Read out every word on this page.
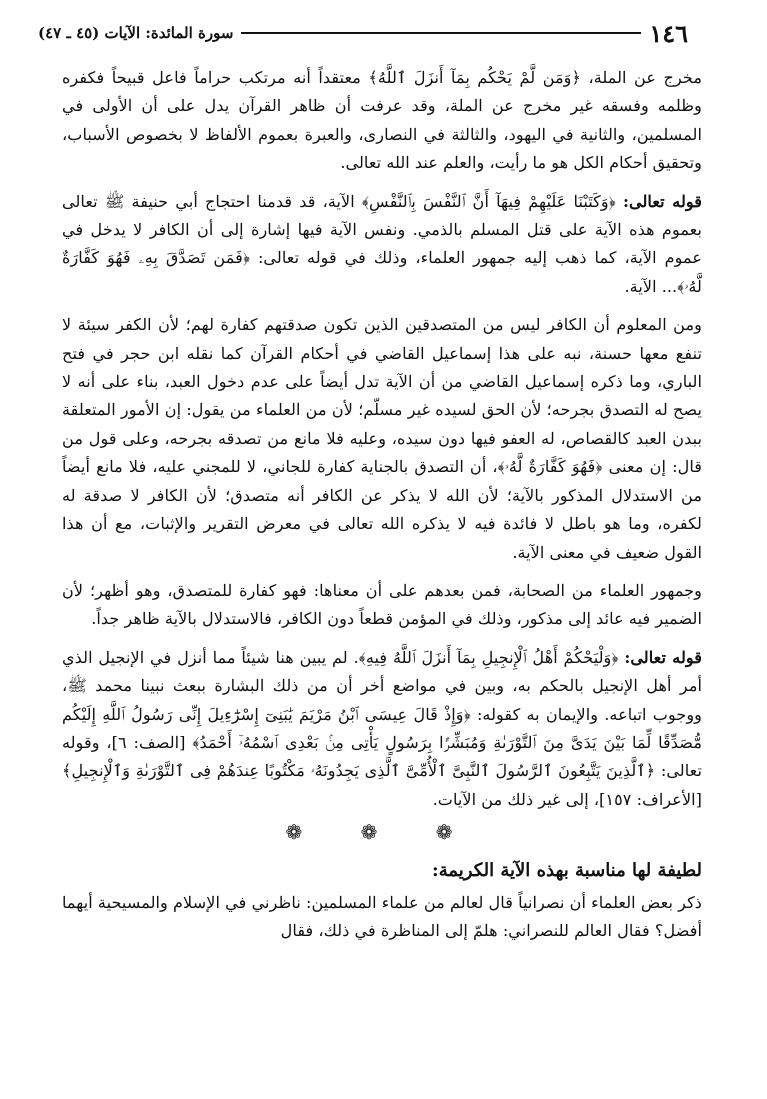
١٤٦
سورة المائدة: الآيات (٤٥ ـ ٤٧)

مخرج عن الملة، ﴿وَمَن لَّمْ يَحْكُم بِمَآ أَنزَلَ ٱللَّهُ﴾ معتقداً أنه مرتكب حراماً فاعل قبيحاً فكفره وظلمه وفسقه غير مخرج عن الملة، وقد عرفت أن ظاهر القرآن يدل على أن الأولى في المسلمين، والثانية في اليهود، والثالثة في النصارى، والعبرة بعموم الألفاظ لا بخصوص الأسباب، وتحقيق أحكام الكل هو ما رأيت، والعلم عند الله تعالى.

قوله تعالى: ﴿وَكَتَبْنَا عَلَيْهِمْ فِيهَآ أَنَّ ٱلنَّفْسَ بِٱلنَّفْسِ﴾ الآية، قد قدمنا احتجاج أبي حنيفة ﷺ تعالى بعموم هذه الآية على قتل المسلم بالذمي. ونفس الآية فيها إشارة إلى أن الكافر لا يدخل في عموم الآية، كما ذهب إليه جمهور العلماء، وذلك في قوله تعالى: ﴿فَمَن تَصَدَّقَ بِهِۦ فَهُوَ كَفَّارَةٌ لَّهُۥ﴾... الآية.

ومن المعلوم أن الكافر ليس من المتصدقين الذين تكون صدقتهم كفارة لهم؛ لأن الكفر سيئة لا تنفع معها حسنة، نبه على هذا إسماعيل القاضي في أحكام القرآن كما نقله ابن حجر في فتح الباري، وما ذكره إسماعيل القاضي من أن الآية تدل أيضاً على عدم دخول العبد، بناء على أنه لا يصح له التصدق بجرحه؛ لأن الحق لسيده غير مسلّم؛ لأن من العلماء من يقول: إن الأمور المتعلقة ببدن العبد كالقصاص، له العفو فيها دون سيده، وعليه فلا مانع من تصدقه بجرحه، وعلى قول من قال: إن معنى ﴿فَهُوَ كَفَّارَةٌ لَّهُۥ﴾، أن التصدق بالجناية كفارة للجاني، لا للمجني عليه، فلا مانع أيضاً من الاستدلال المذكور بالآية؛ لأن الله لا يذكر عن الكافر أنه متصدق؛ لأن الكافر لا صدقة له لكفره، وما هو باطل لا فائدة فيه لا يذكره الله تعالى في معرض التقرير والإثبات، مع أن هذا القول ضعيف في معنى الآية.

وجمهور العلماء من الصحابة، فمن بعدهم على أن معناها: فهو كفارة للمتصدق، وهو أظهر؛ لأن الضمير فيه عائد إلى مذكور، وذلك في المؤمن قطعاً دون الكافر، فالاستدلال بالآية ظاهر جداً.

قوله تعالى: ﴿وَلْيَحْكُمْ أَهْلُ ٱلْإِنجِيلِ بِمَآ أَنزَلَ ٱللَّهُ فِيهِ﴾. لم يبين هنا شيئاً مما أنزل في الإنجيل الذي أمر أهل الإنجيل بالحكم به، وبين في مواضع أخر أن من ذلك البشارة ببعث نبينا محمد ﷺ، ووجوب اتباعه. والإيمان به كقوله: ﴿وَإِذْ قَالَ عِيسَى ٱبْنُ مَرْيَمَ يَٰبَنِىٓ إِسْرَٰٓءِيلَ إِنِّى رَسُولُ ٱللَّهِ إِلَيْكُم مُّصَدِّقًا لِّمَا بَيْنَ يَدَىَّ مِنَ ٱلتَّوْرَىٰةِ وَمُبَشِّرًۢا بِرَسُولٍ يَأْتِى مِنۢ بَعْدِى ٱسْمُهُۥٓ أَحْمَدُ﴾ [الصف: ٦]، وقوله تعالى: ﴿ٱلَّذِينَ يَتَّبِعُونَ ٱلرَّسُولَ ٱلنَّبِىَّ ٱلْأُمِّىَّ ٱلَّذِى يَجِدُونَهُۥ مَكْتُوبًا عِندَهُمْ فِى ٱلتَّوْرَىٰةِ وَٱلْإِنجِيلِ﴾ [الأعراف: ١٥٧]، إلى غير ذلك من الآيات.

❁ ❁ ❁
لطيفة لها مناسبة بهذه الآية الكريمة:

ذكر بعض العلماء أن نصرانياً قال لعالم من علماء المسلمين: ناظرني في الإسلام والمسيحية أيهما أفضل؟ فقال العالم للنصراني: هلمّ إلى المناظرة في ذلك، فقال
